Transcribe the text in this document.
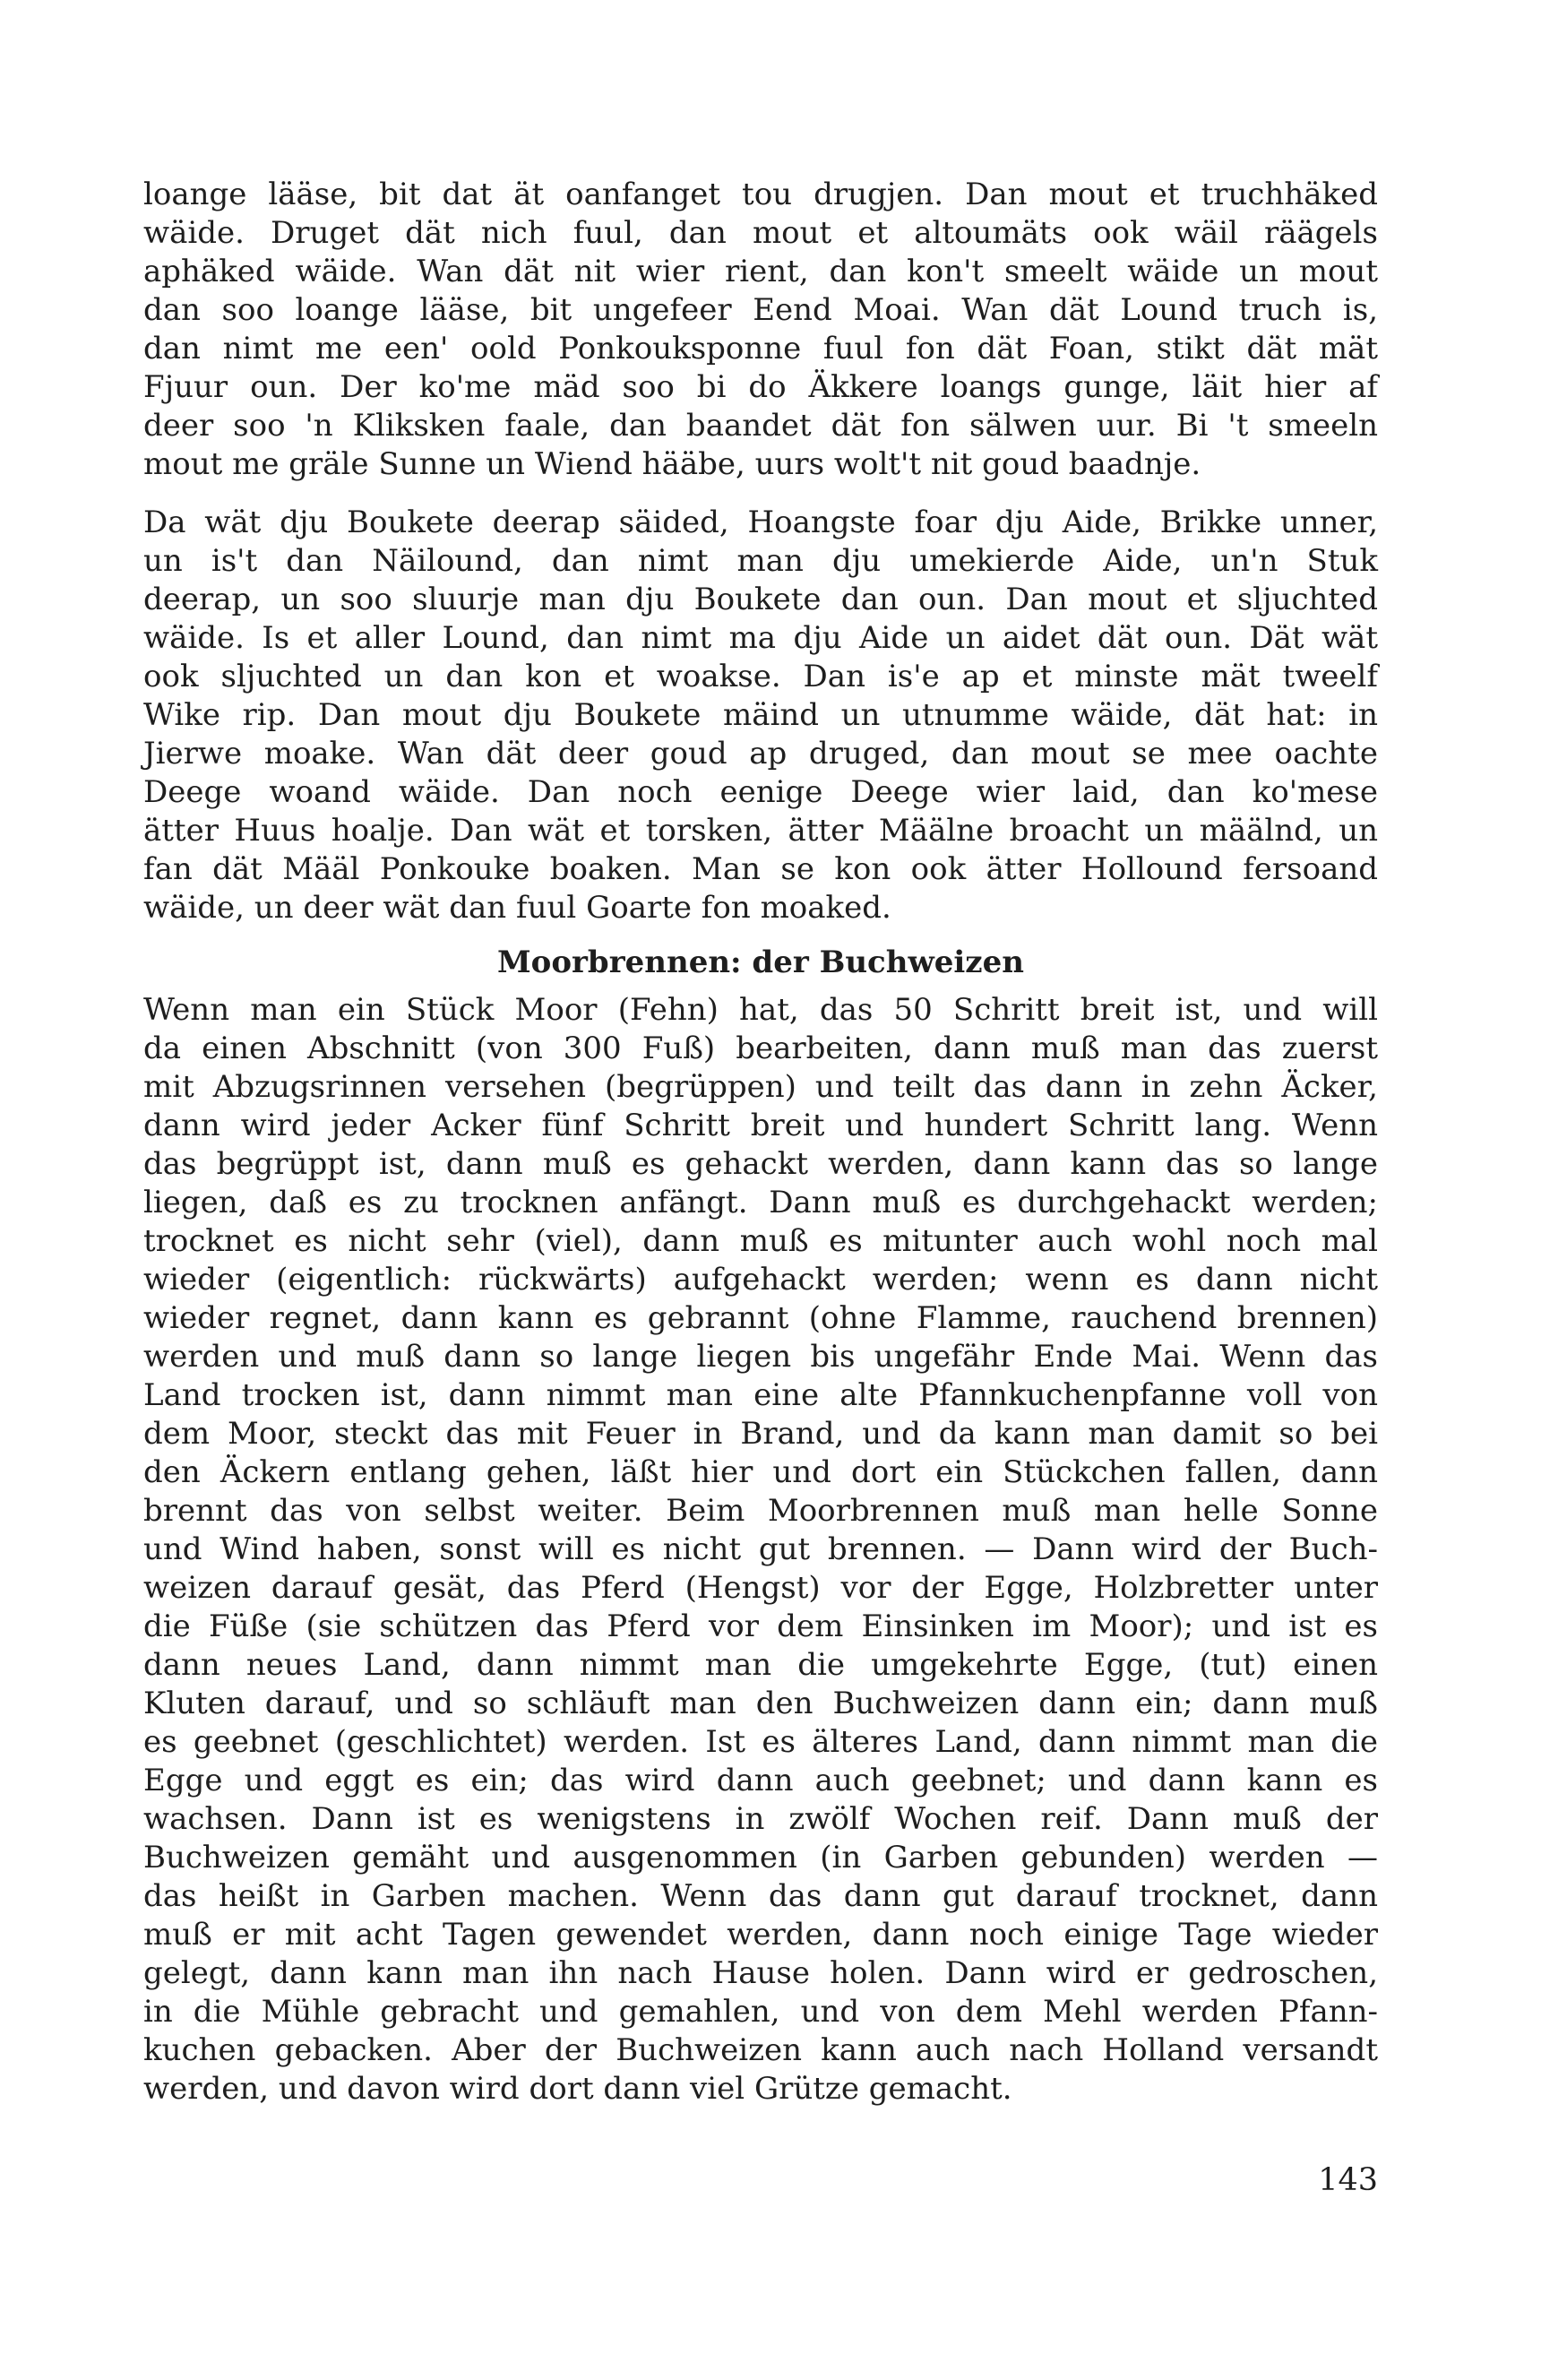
loange lääse, bit dat ät oanfanget tou drugjen. Dan mout et truchhäked
wäide. Druget dät nich fuul, dan mout et altoumäts ook wäil räägels
aphäked wäide. Wan dät nit wier rient, dan kon't smeelt wäide un mout
dan soo loange lääse, bit ungefeer Eend Moai. Wan dät Lound truch is,
dan nimt me een' oold Ponkouksponne fuul fon dät Foan, stikt dät mät
Fjuur oun. Der ko'me mäd soo bi do Äkkere loangs gunge, läit hier af
deer soo 'n Kliksken faale, dan baandet dät fon sälwen uur. Bi 't smeeln
mout me gräle Sunne un Wiend hääbe, uurs wolt't nit goud baadnje.

Da wät dju Boukete deerap säided, Hoangste foar dju Aide, Brikke unner,
un is't dan Näilound, dan nimt man dju umekierde Aide, un'n Stuk
deerap, un soo sluurje man dju Boukete dan oun. Dan mout et sljuchted
wäide. Is et aller Lound, dan nimt ma dju Aide un aidet dät oun. Dät wät
ook sljuchted un dan kon et woakse. Dan is'e ap et minste mät tweelf
Wike rip. Dan mout dju Boukete mäind un utnumme wäide, dät hat: in
Jierwe moake. Wan dät deer goud ap druged, dan mout se mee oachte
Deege woand wäide. Dan noch eenige Deege wier laid, dan ko'mese
ätter Huus hoalje. Dan wät et torsken, ätter Määlne broacht un määlnd, un
fan dät Määl Ponkouke boaken. Man se kon ook ätter Hollound fersoand
wäide, un deer wät dan fuul Goarte fon moaked.

Moorbrennen: der Buchweizen

Wenn man ein Stück Moor (Fehn) hat, das 50 Schritt breit ist, und will
da einen Abschnitt (von 300 Fuß) bearbeiten, dann muß man das zuerst
mit Abzugsrinnen versehen (begrüppen) und teilt das dann in zehn Äcker,
dann wird jeder Acker fünf Schritt breit und hundert Schritt lang. Wenn
das begrüppt ist, dann muß es gehackt werden, dann kann das so lange
liegen, daß es zu trocknen anfängt. Dann muß es durchgehackt werden;
trocknet es nicht sehr (viel), dann muß es mitunter auch wohl noch mal
wieder (eigentlich: rückwärts) aufgehackt werden; wenn es dann nicht
wieder regnet, dann kann es gebrannt (ohne Flamme, rauchend brennen)
werden und muß dann so lange liegen bis ungefähr Ende Mai. Wenn das
Land trocken ist, dann nimmt man eine alte Pfannkuchenpfanne voll von
dem Moor, steckt das mit Feuer in Brand, und da kann man damit so bei
den Äckern entlang gehen, läßt hier und dort ein Stückchen fallen, dann
brennt das von selbst weiter. Beim Moorbrennen muß man helle Sonne
und Wind haben, sonst will es nicht gut brennen. — Dann wird der Buch-
weizen darauf gesät, das Pferd (Hengst) vor der Egge, Holzbretter unter
die Füße (sie schützen das Pferd vor dem Einsinken im Moor); und ist es
dann neues Land, dann nimmt man die umgekehrte Egge, (tut) einen
Kluten darauf, und so schläuft man den Buchweizen dann ein; dann muß
es geebnet (geschlichtet) werden. Ist es älteres Land, dann nimmt man die
Egge und eggt es ein; das wird dann auch geebnet; und dann kann es
wachsen. Dann ist es wenigstens in zwölf Wochen reif. Dann muß der
Buchweizen gemäht und ausgenommen (in Garben gebunden) werden —
das heißt in Garben machen. Wenn das dann gut darauf trocknet, dann
muß er mit acht Tagen gewendet werden, dann noch einige Tage wieder
gelegt, dann kann man ihn nach Hause holen. Dann wird er gedroschen,
in die Mühle gebracht und gemahlen, und von dem Mehl werden Pfann-
kuchen gebacken. Aber der Buchweizen kann auch nach Holland versandt
werden, und davon wird dort dann viel Grütze gemacht.

143
